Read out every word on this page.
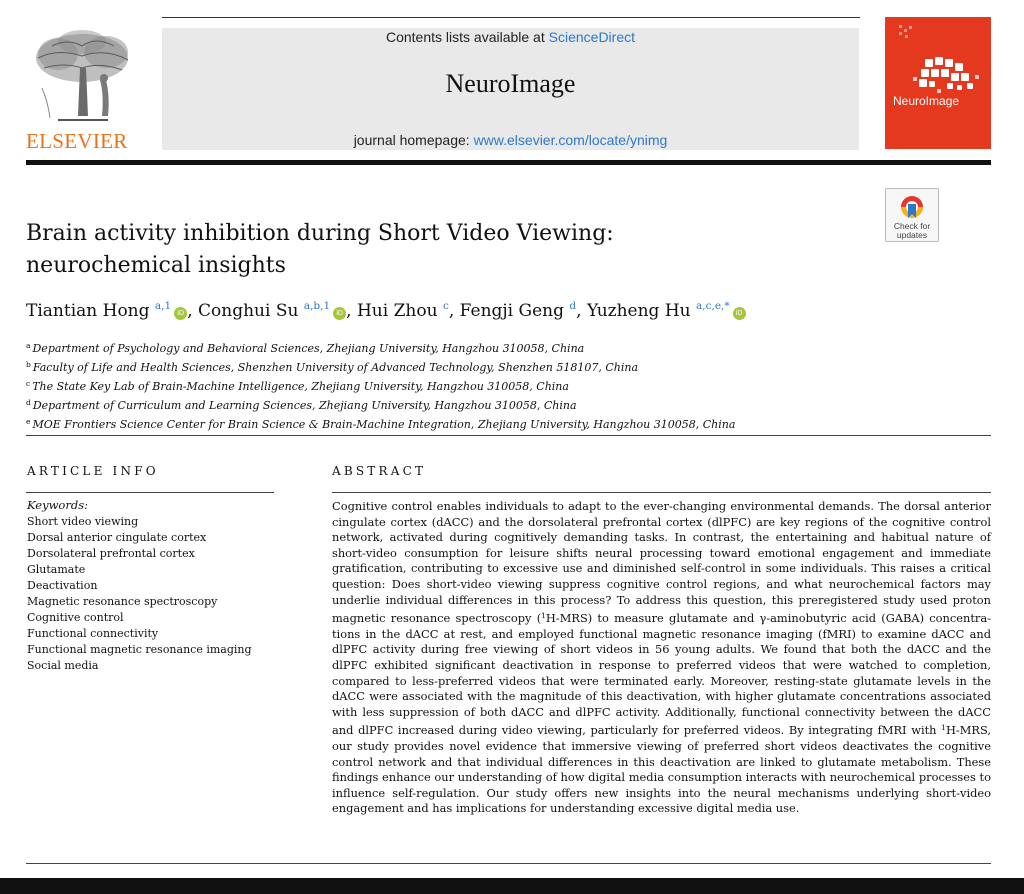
ELSEVIER
Contents lists available at ScienceDirect
NeuroImage
journal homepage: www.elsevier.com/locate/ynimg
NeuroImage
Check for
updates
Brain activity inhibition during Short Video Viewing:
neurochemical insights
Tiantian Hong $^{a,1}$iD , Conghui Su $^{a,b,1}$iD , Hui Zhou $^c$, Fengji Geng $^d$, Yuzheng Hu $^{a,c,e,*}$iD
$^a$ Department of Psychology and Behavioral Sciences, Zhejiang University, Hangzhou 310058, China
$^b$ Faculty of Life and Health Sciences, Shenzhen University of Advanced Technology, Shenzhen 518107, China
$^c$ The State Key Lab of Brain-Machine Intelligence, Zhejiang University, Hangzhou 310058, China
$^d$ Department of Curriculum and Learning Sciences, Zhejiang University, Hangzhou 310058, China
$^e$ MOE Frontiers Science Center for Brain Science & Brain-Machine Integration, Zhejiang University, Hangzhou 310058, China
ARTICLE INFO
Keywords:
Short video viewing
Dorsal anterior cingulate cortex
Dorsolateral prefrontal cortex
Glutamate
Deactivation
Magnetic resonance spectroscopy
Cognitive control
Functional connectivity
Functional magnetic resonance imaging
Social media
ABSTRACT

Cognitive control enables individuals to adapt to the ever-changing environmental demands. The dorsal anterior cingulate cortex (dACC) and the dorsolateral prefrontal cortex (dlPFC) are key regions of the cognitive control network, activated during cognitively demanding tasks. In contrast, the entertaining and habitual nature of short-video consumption for leisure shifts neural processing toward emotional engagement and immediate gratification, contributing to excessive use and diminished self-control in some individuals. This raises a critical question: Does short-video viewing suppress cognitive control regions, and what neurochemical factors may underlie individual differences in this process? To address this question, this preregistered study used proton magnetic resonance spectroscopy ($^1$H-MRS) to measure glutamate and γ-aminobutyric acid (GABA) concentra-tions in the dACC at rest, and employed functional magnetic resonance imaging (fMRI) to examine dACC and dlPFC activity during free viewing of short videos in 56 young adults. We found that both the dACC and the dlPFC exhibited significant deactivation in response to preferred videos that were watched to completion, compared to less-preferred videos that were terminated early. Moreover, resting-state glutamate levels in the dACC were associated with the magnitude of this deactivation, with higher glutamate concentrations associated with less suppression of both dACC and dlPFC activity. Additionally, functional connectivity between the dACC and dlPFC increased during video viewing, particularly for preferred videos. By integrating fMRI with $^1$H-MRS, our study provides novel evidence that immersive viewing of preferred short videos deactivates the cognitive control network and that individual differences in this deactivation are linked to glutamate metabolism. These findings enhance our understanding of how digital media consumption interacts with neurochemical processes to influence self-regulation. Our study offers new insights into the neural mechanisms underlying short-video engagement and has implications for understanding excessive digital media use.
